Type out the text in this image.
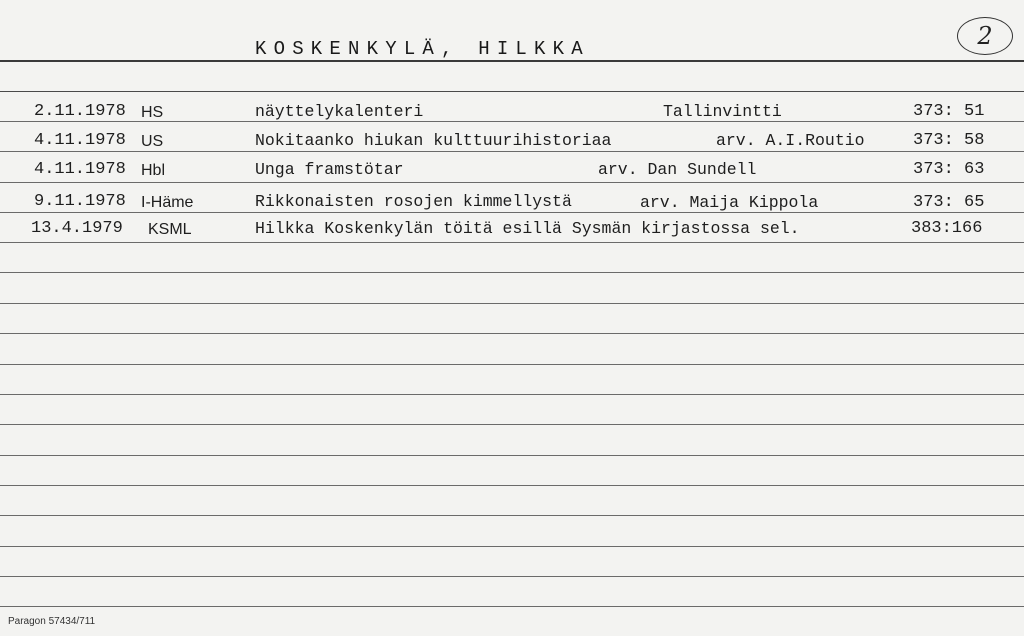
KOSKENKYLÄ, HILKKA	2
2.11.1978 HS	näyttelykalenteri	Tallinvintti	373: 51
4.11.1978 US	Nokitaanko hiukan kulttuurihistoriaa	arv. A.I.Routio	373: 58
4.11.1978 Hbl	Unga framstötar	arv. Dan Sundell	373: 63
9.11.1978 I-Häme	Rikkonaisten rosojen kimmellystä	arv. Maija Kippola	373: 65
13.4.1979 KSML	Hilkka Koskenkylän töitä esillä Sysmän kirjastossa sel.	383:166
Paragon 57434/711
